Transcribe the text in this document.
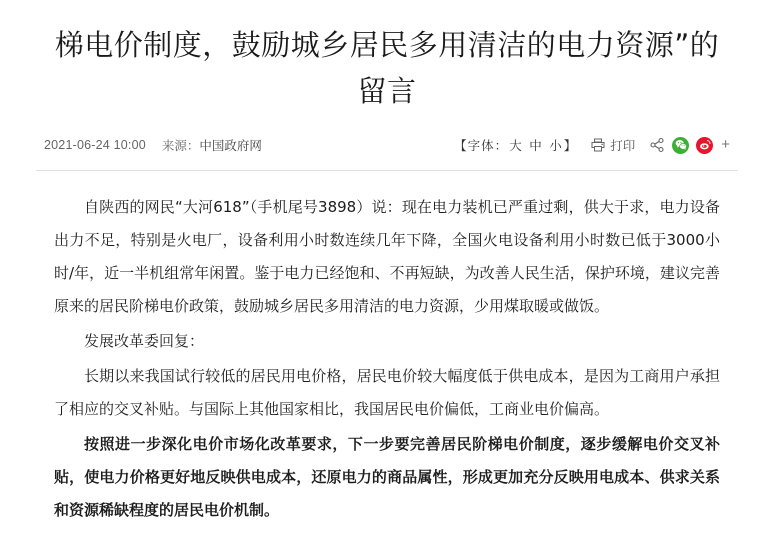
梯电价制度，鼓励城乡居民多用清洁的电力资源”的留言
2021-06-24 10:00 来源：中国政府网	【字体：大 中 小】	打印	+

自陕西的网民“大河618”（手机尾号3898）说：现在电力装机已严重过剩，供大于求，电力设备出力不足，特别是火电厂，设备利用小时数连续几年下降，全国火电设备利用小时数已低于3000小时/年，近一半机组常年闲置。鉴于电力已经饱和、不再短缺，为改善人民生活，保护环境，建议完善原来的居民阶梯电价政策，鼓励城乡居民多用清洁的电力资源，少用煤取暖或做饭。

发展改革委回复：

长期以来我国试行较低的居民用电价格，居民电价较大幅度低于供电成本，是因为工商用户承担了相应的交叉补贴。与国际上其他国家相比，我国居民电价偏低，工商业电价偏高。

按照进一步深化电价市场化改革要求，下一步要完善居民阶梯电价制度，逐步缓解电价交叉补贴，使电力价格更好地反映供电成本，还原电力的商品属性，形成更加充分反映用电成本、供求关系和资源稀缺程度的居民电价机制。
